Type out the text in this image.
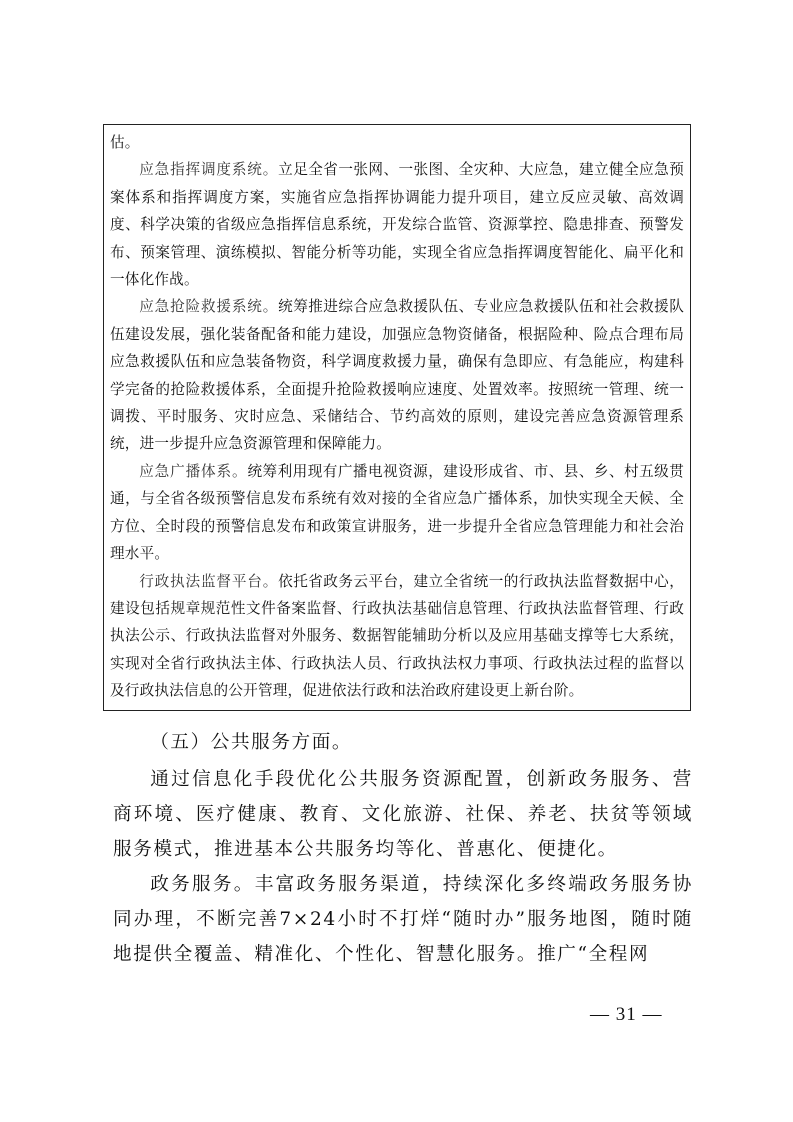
估。

应急指挥调度系统。立足全省一张网、一张图、全灾种、大应急，建立健全应急预案体系和指挥调度方案，实施省应急指挥协调能力提升项目，建立反应灵敏、高效调度、科学决策的省级应急指挥信息系统，开发综合监管、资源掌控、隐患排查、预警发布、预案管理、演练模拟、智能分析等功能，实现全省应急指挥调度智能化、扁平化和一体化作战。

应急抢险救援系统。统筹推进综合应急救援队伍、专业应急救援队伍和社会救援队伍建设发展，强化装备配备和能力建设，加强应急物资储备，根据险种、险点合理布局应急救援队伍和应急装备物资，科学调度救援力量，确保有急即应、有急能应，构建科学完备的抢险救援体系，全面提升抢险救援响应速度、处置效率。按照统一管理、统一调拨、平时服务、灾时应急、采储结合、节约高效的原则，建设完善应急资源管理系统，进一步提升应急资源管理和保障能力。

应急广播体系。统筹利用现有广播电视资源，建设形成省、市、县、乡、村五级贯通，与全省各级预警信息发布系统有效对接的全省应急广播体系，加快实现全天候、全方位、全时段的预警信息发布和政策宣讲服务，进一步提升全省应急管理能力和社会治理水平。

行政执法监督平台。依托省政务云平台，建立全省统一的行政执法监督数据中心，建设包括规章规范性文件备案监督、行政执法基础信息管理、行政执法监督管理、行政执法公示、行政执法监督对外服务、数据智能辅助分析以及应用基础支撑等七大系统，实现对全省行政执法主体、行政执法人员、行政执法权力事项、行政执法过程的监督以及行政执法信息的公开管理，促进依法行政和法治政府建设更上新台阶。

（五）公共服务方面。

通过信息化手段优化公共服务资源配置，创新政务服务、营商环境、医疗健康、教育、文化旅游、社保、养老、扶贫等领域服务模式，推进基本公共服务均等化、普惠化、便捷化。

政务服务。丰富政务服务渠道，持续深化多终端政务服务协同办理，不断完善7×24小时不打烊“随时办”服务地图，随时随地提供全覆盖、精准化、个性化、智慧化服务。推广“全程网

— 31 —
